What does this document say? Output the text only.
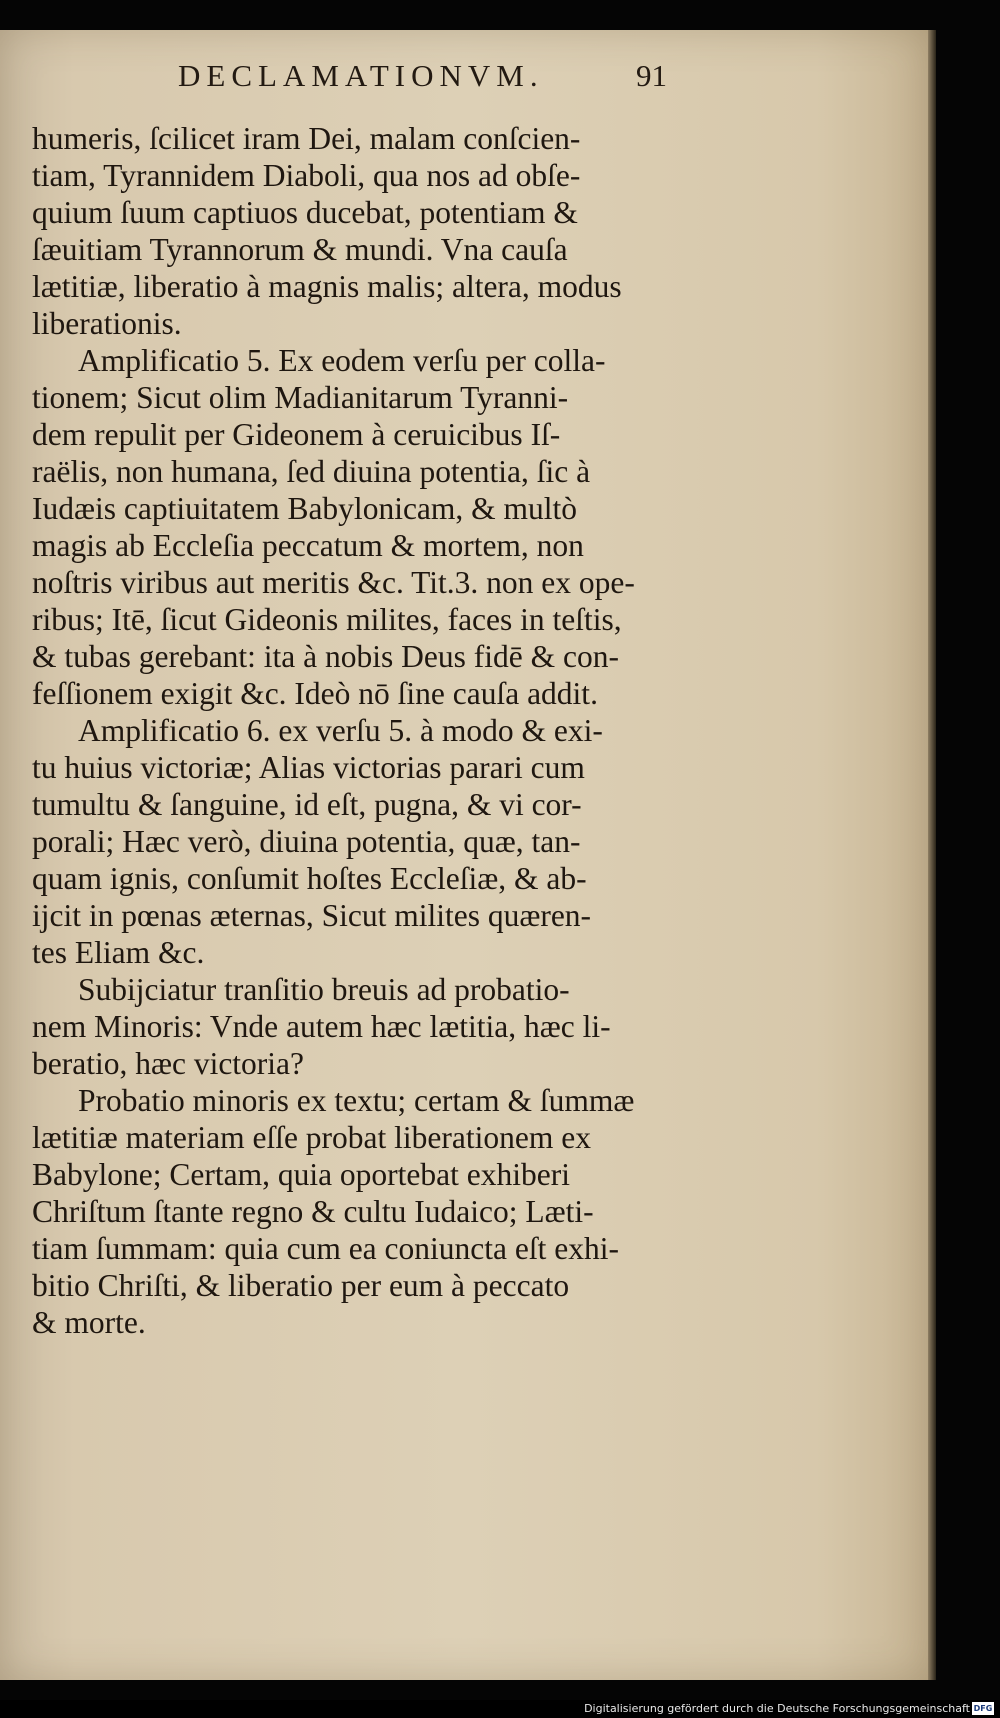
DECLAMATIONVM.	91
humeris, ſcilicet iram Dei, malam conſcien-
tiam, Tyrannidem Diaboli, qua nos ad obſe-
quium ſuum captiuos ducebat, potentiam &
ſæuitiam Tyrannorum & mundi. Vna cauſa
lætitiæ, liberatio à magnis malis; altera, modus
liberationis.
Amplificatio 5. Ex eodem verſu per colla-
tionem; Sicut olim Madianitarum Tyranni-
dem repulit per Gideonem à ceruicibus Iſ-
raëlis, non humana, ſed diuina potentia, ſic à
Iudæis captiuitatem Babylonicam, & multò
magis ab Eccleſia peccatum & mortem, non
noſtris viribus aut meritis &c. Tit.3. non ex ope-
ribus; Itē, ſicut Gideonis milites, faces in teſtis,
& tubas gerebant: ita à nobis Deus fidē & con-
feſſionem exigit &c. Ideò nō ſine cauſa addit.
Amplificatio 6. ex verſu 5. à modo & exi-
tu huius victoriæ; Alias victorias parari cum
tumultu & ſanguine, id eſt, pugna, & vi cor-
porali; Hæc verò, diuina potentia, quæ, tan-
quam ignis, conſumit hoſtes Eccleſiæ, & ab-
ijcit in pœnas æternas, Sicut milites quæren-
tes Eliam &c.
Subijciatur tranſitio breuis ad probatio-
nem Minoris: Vnde autem hæc lætitia, hæc li-
beratio, hæc victoria?
Probatio minoris ex textu; certam & ſummæ
lætitiæ materiam eſſe probat liberationem ex
Babylone; Certam, quia oportebat exhiberi
Chriſtum ſtante regno & cultu Iudaico; Læti-
tiam ſummam: quia cum ea coniuncta eſt exhi-
bitio Chriſti, & liberatio per eum à peccato
& morte.
Digitalisierung gefördert durch die Deutsche Forschungsgemeinschaft DFG
